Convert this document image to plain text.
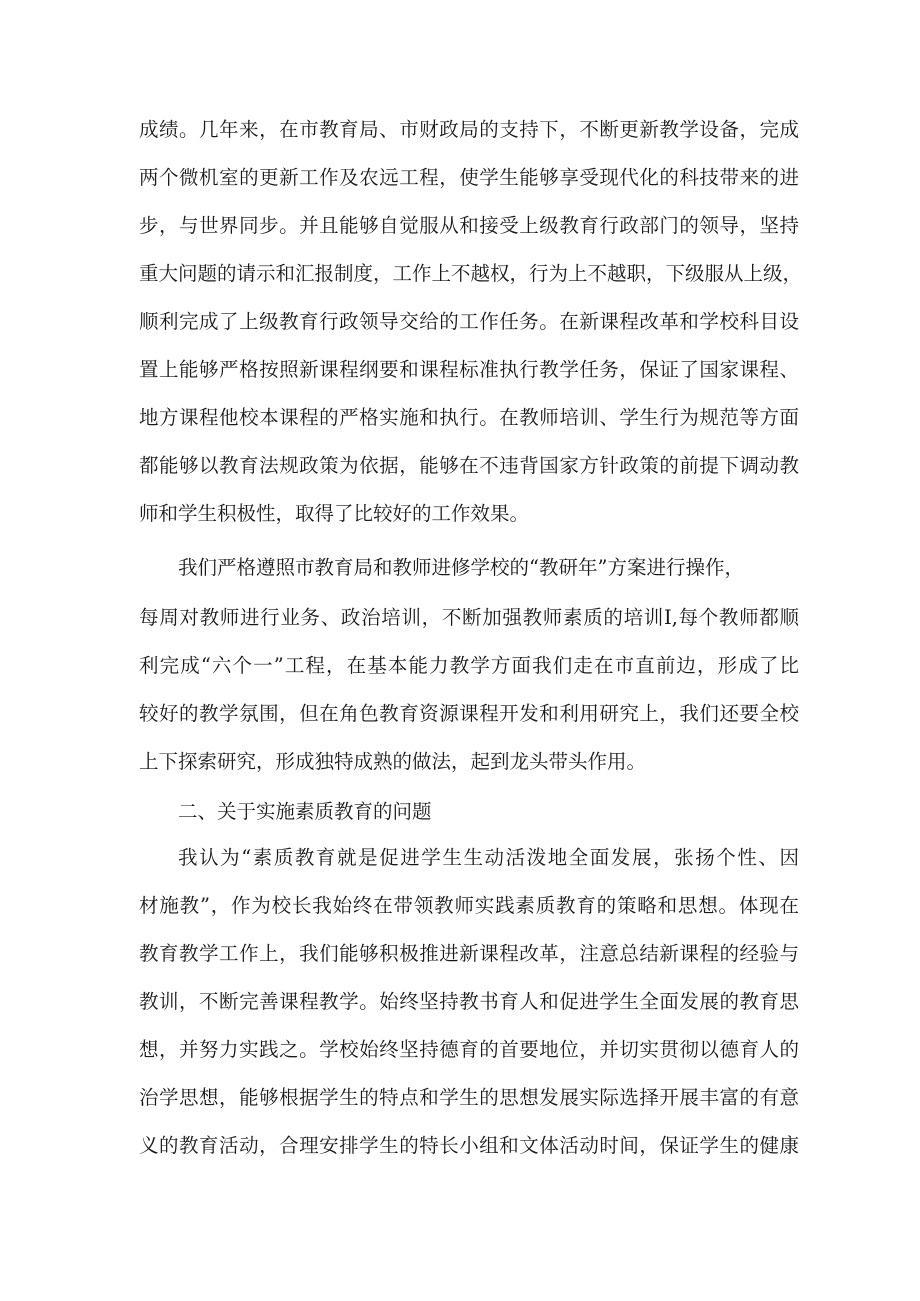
成绩。几年来，在市教育局、市财政局的支持下，不断更新教学设备，完成
两个微机室的更新工作及农远工程，使学生能够享受现代化的科技带来的进
步，与世界同步。并且能够自觉服从和接受上级教育行政部门的领导，坚持
重大问题的请示和汇报制度，工作上不越权，行为上不越职，下级服从上级，
顺利完成了上级教育行政领导交给的工作任务。在新课程改革和学校科目设
置上能够严格按照新课程纲要和课程标准执行教学任务，保证了国家课程、
地方课程他校本课程的严格实施和执行。在教师培训、学生行为规范等方面
都能够以教育法规政策为依据，能够在不违背国家方针政策的前提下调动教
师和学生积极性，取得了比较好的工作效果。
我们严格遵照市教育局和教师进修学校的“教研年”方案进行操作，
每周对教师进行业务、政治培训，不断加强教师素质的培训I,每个教师都顺
利完成“六个一”工程，在基本能力教学方面我们走在市直前边，形成了比
较好的教学氛围，但在角色教育资源课程开发和利用研究上，我们还要全校
上下探索研究，形成独特成熟的做法，起到龙头带头作用。
二、关于实施素质教育的问题
我认为“素质教育就是促进学生生动活泼地全面发展，张扬个性、因
材施教”，作为校长我始终在带领教师实践素质教育的策略和思想。体现在
教育教学工作上，我们能够积极推进新课程改革，注意总结新课程的经验与
教训，不断完善课程教学。始终坚持教书育人和促进学生全面发展的教育思
想，并努力实践之。学校始终坚持德育的首要地位，并切实贯彻以德育人的
治学思想，能够根据学生的特点和学生的思想发展实际选择开展丰富的有意
义的教育活动，合理安排学生的特长小组和文体活动时间，保证学生的健康
